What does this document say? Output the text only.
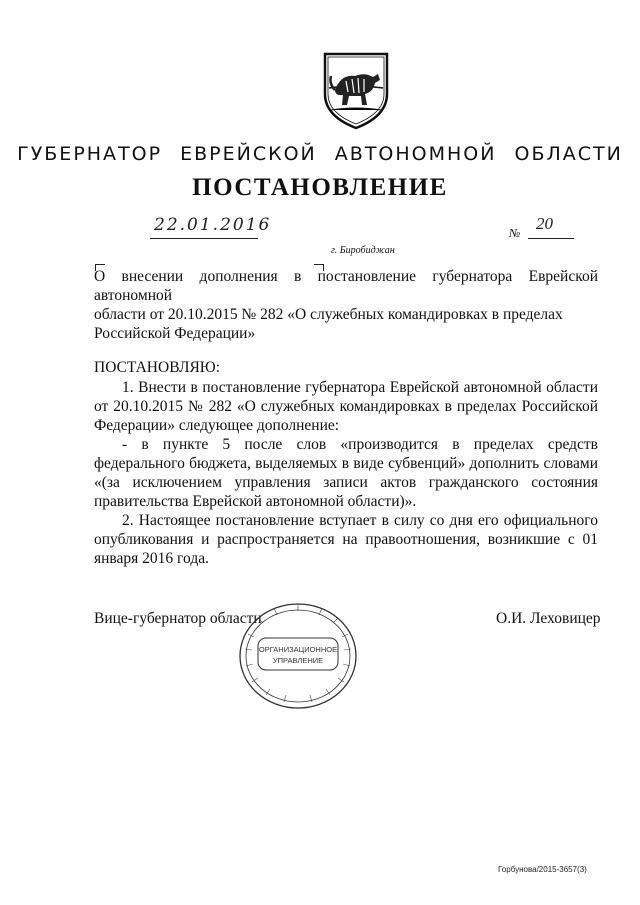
ГУБЕРНАТОР ЕВРЕЙСКОЙ АВТОНОМНОЙ ОБЛАСТИ
ПОСТАНОВЛЕНИЕ
22.01.2016	№ 20
г. Биробиджан
О внесении дополнения в постановление губернатора Еврейской автономной
области от 20.10.2015 № 282 «О служебных командировках в пределах
Российской Федерации»
ПОСТАНОВЛЯЮ:
1. Внести в постановление губернатора Еврейской автономной области от 20.10.2015 № 282 «О служебных командировках в пределах Российской Федерации» следующее дополнение:
- в пункте 5 после слов «производится в пределах средств федерального бюджета, выделяемых в виде субвенций» дополнить словами «(за исключением управления записи актов гражданского состояния правительства Еврейской автономной области)».
2. Настоящее постановление вступает в силу со дня его официального опубликования и распространяется на правоотношения, возникшие с 01 января 2016 года.
Вице-губернатор области	О.И. Леховицер
ОРГАНИЗАЦИОННОЕ
УПРАВЛЕНИЕ
Горбунова/2015-3657(3)
